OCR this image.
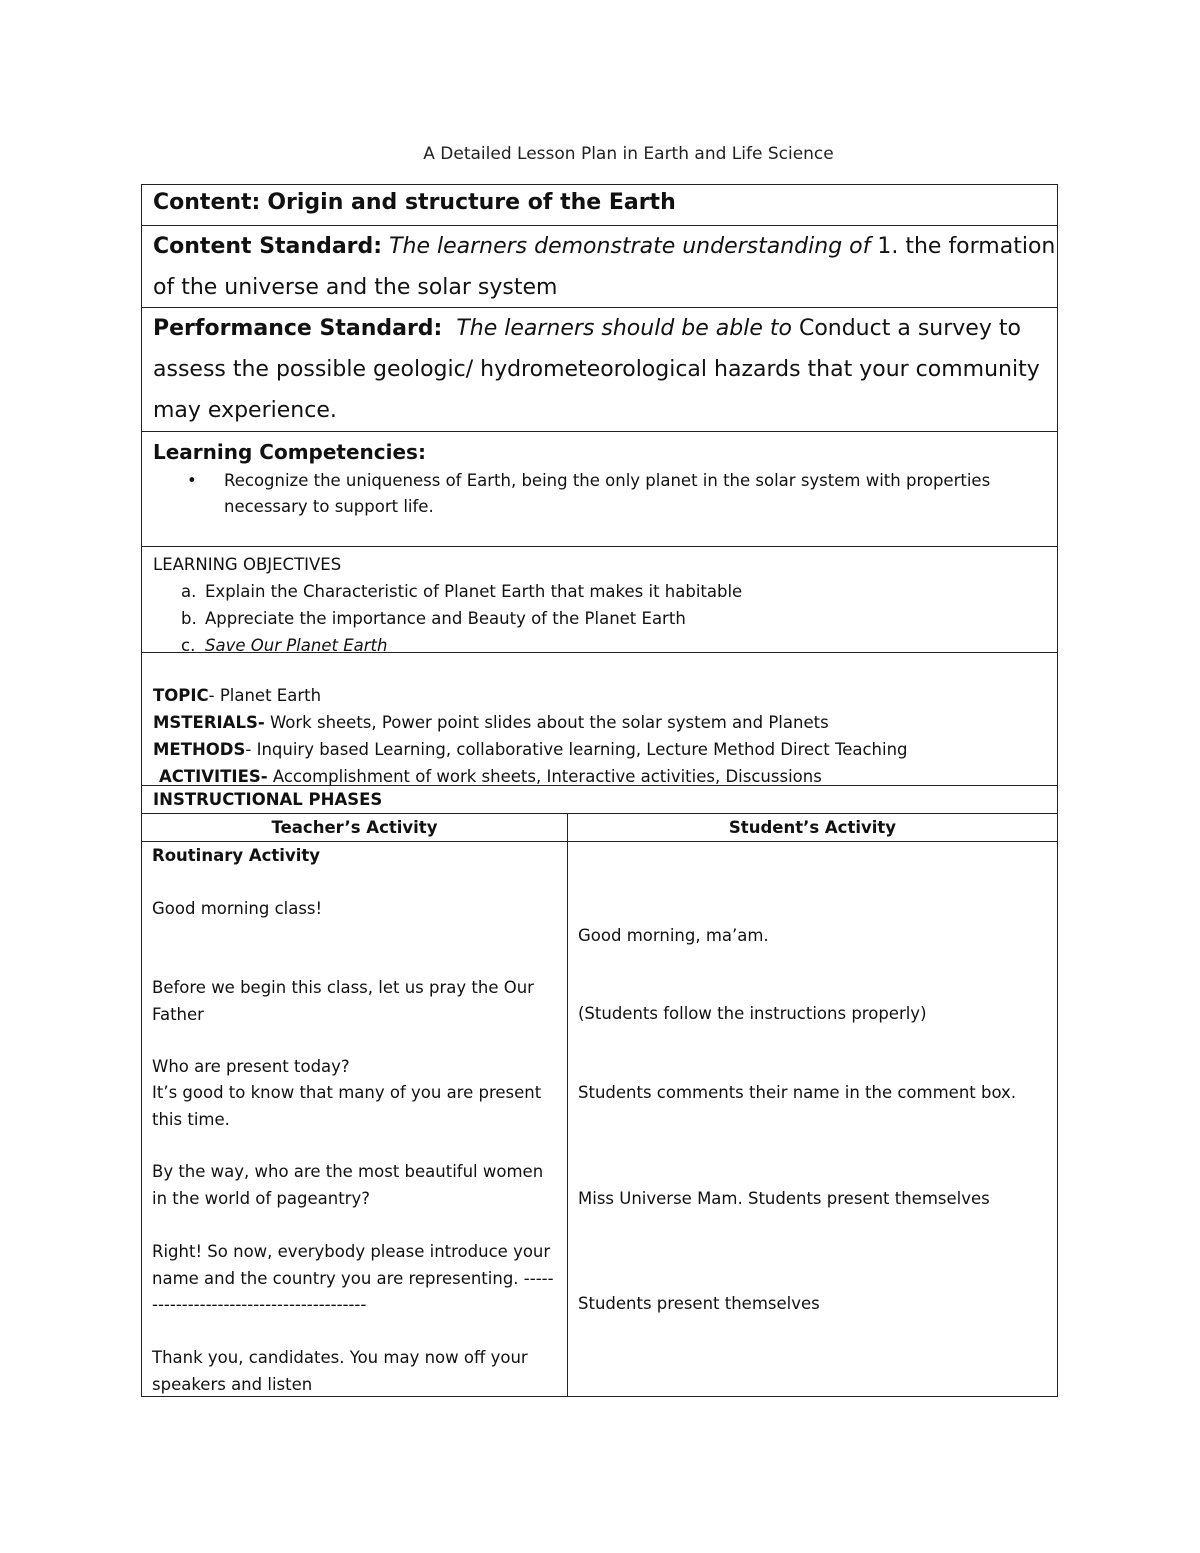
A Detailed Lesson Plan in Earth and Life Science
Content: Origin and structure of the Earth
Content Standard: The learners demonstrate understanding of 1. the formation of the universe and the solar system
Performance Standard: The learners should be able to Conduct a survey to assess the possible geologic/ hydrometeorological hazards that your community may experience.
Learning Competencies:
• Recognize the uniqueness of Earth, being the only planet in the solar system with properties necessary to support life.
LEARNING OBJECTIVES
a. Explain the Characteristic of Planet Earth that makes it habitable
b. Appreciate the importance and Beauty of the Planet Earth
c. Save Our Planet Earth
TOPIC- Planet Earth
MSTERIALS- Work sheets, Power point slides about the solar system and Planets
METHODS- Inquiry based Learning, collaborative learning, Lecture Method Direct Teaching
ACTIVITIES- Accomplishment of work sheets, Interactive activities, Discussions
INSTRUCTIONAL PHASES
Teacher’s Activity	Student’s Activity
Routinary Activity
Good morning class!
Before we begin this class, let us pray the Our Father
Who are present today?
It’s good to know that many of you are present this time.
By the way, who are the most beautiful women in the world of pageantry?
Right! So now, everybody please introduce your name and the country you are representing. -----------------------------------------
Thank you, candidates. You may now off your speakers and listen
Good morning, ma’am.
(Students follow the instructions properly)
Students comments their name in the comment box.
Miss Universe Mam. Students present themselves
Students present themselves
